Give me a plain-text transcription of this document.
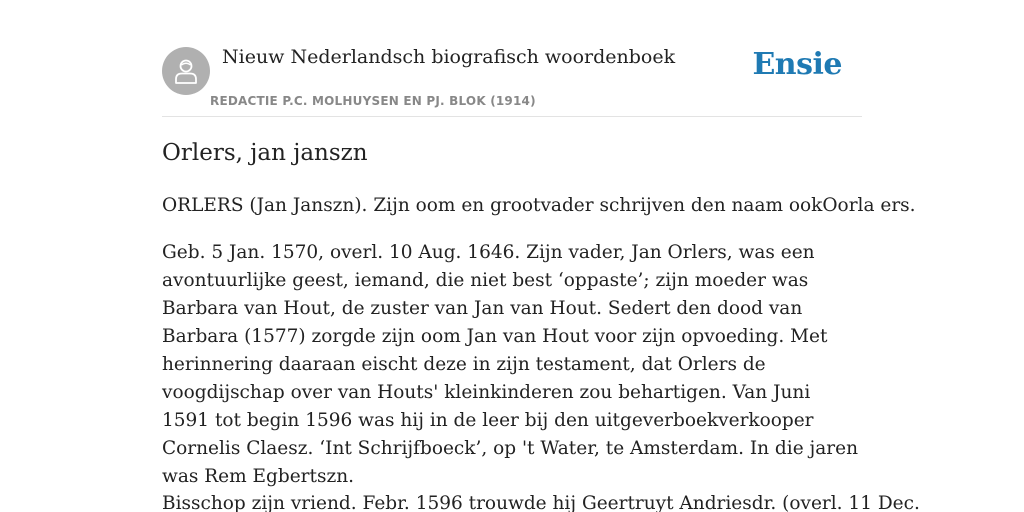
Nieuw Nederlandsch biografisch woordenboek
REDACTIE P.C. MOLHUYSEN EN PJ. BLOK (1914)
Ensie
Orlers, jan janszn

ORLERS (Jan Janszn). Zijn oom en grootvader schrijven den naam ookOorla ers.

Geb. 5 Jan. 1570, overl. 10 Aug. 1646. Zijn vader, Jan Orlers, was een avontuurlijke geest, iemand, die niet best ‘oppaste’; zijn moeder was Barbara van Hout, de zuster van Jan van Hout. Sedert den dood van Barbara (1577) zorgde zijn oom Jan van Hout voor zijn opvoeding. Met herinnering daaraan eischt deze in zijn testament, dat Orlers de voogdijschap over van Houts' kleinkinderen zou behartigen. Van Juni 1591 tot begin 1596 was hij in de leer bij den uitgeverboekverkooper Cornelis Claesz. ‘Int Schrijfboeck’, op 't Water, te Amsterdam. In die jaren was Rem Egbertszn.

Bisschop zijn vriend. Febr. 1596 trouwde hij Geertruyt Andriesdr. (overl. 11 Dec.
